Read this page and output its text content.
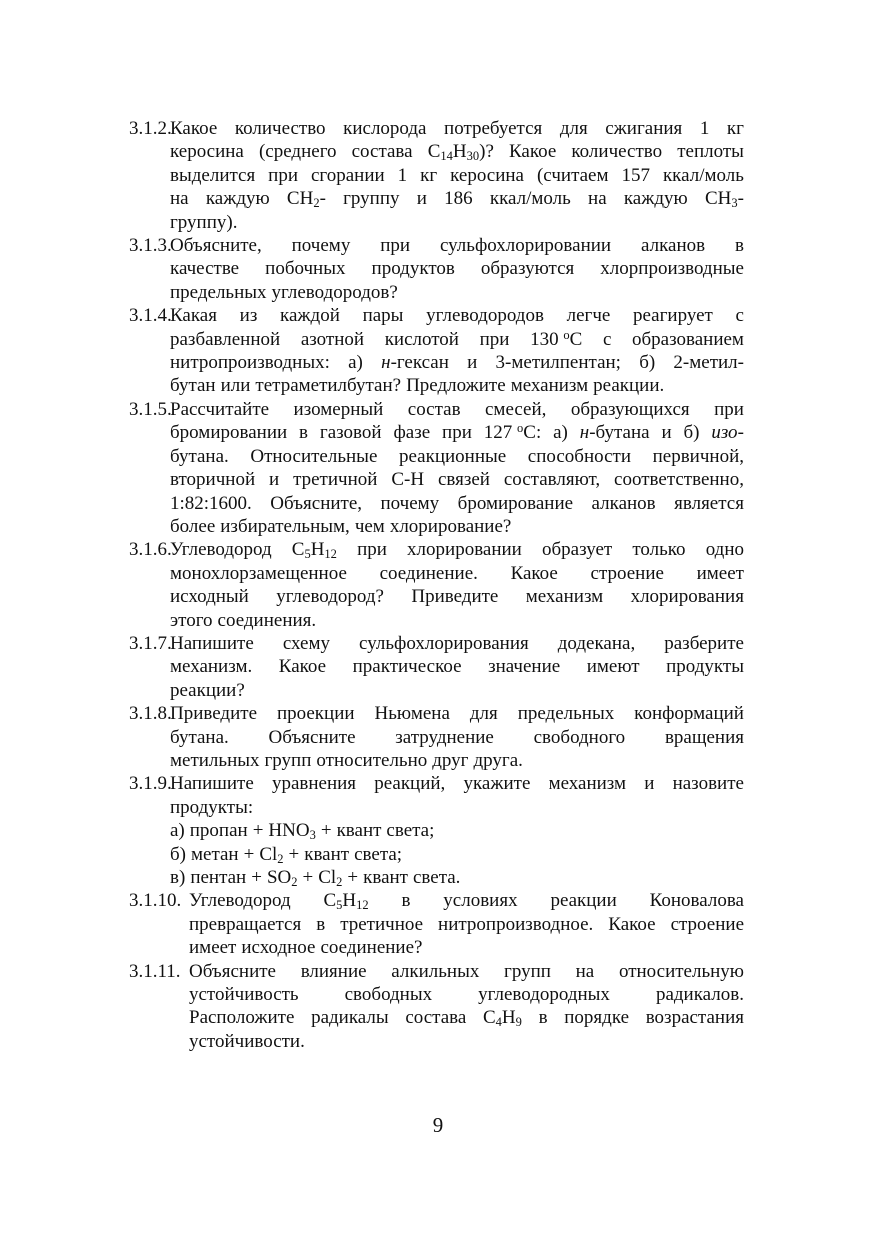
3.1.2.
Какое количество кислорода потребуется для сжигания 1 кг
керосина (среднего состава $C_{14}H_{30}$)? Какое количество теплоты
выделится при сгорании 1 кг керосина (считаем 157 ккал/моль
на каждую $CH_2-$ группу и 186 ккал/моль на каждую $CH_3-$
группу).
3.1.3.
Объясните, почему при сульфохлорировании алканов в
качестве побочных продуктов образуются хлорпроизводные
предельных углеводородов?
3.1.4.
Какая из каждой пары углеводородов легче реагирует с
разбавленной азотной кислотой при 130 $^o$C с образованием
нитропроизводных: а) н-гексан и 3-метилпентан; б) 2-метил-
бутан или тетраметилбутан? Предложите механизм реакции.
3.1.5.
Рассчитайте изомерный состав смесей, образующихся при
бромировании в газовой фазе при 127 $^o$C: а) н-бутана и б) изо-
бутана. Относительные реакционные способности первичной,
вторичной и третичной С-Н связей составляют, соответственно,
1:82:1600. Объясните, почему бромирование алканов является
более избирательным, чем хлорирование?
3.1.6.
Углеводород $C_5H_{12}$ при хлорировании образует только одно
монохлорзамещенное соединение. Какое строение имеет
исходный углеводород? Приведите механизм хлорирования
этого соединения.
3.1.7.
Напишите схему сульфохлорирования додекана, разберите
механизм. Какое практическое значение имеют продукты
реакции?
3.1.8.
Приведите проекции Ньюмена для предельных конформаций
бутана. Объясните затруднение свободного вращения
метильных групп относительно друг друга.
3.1.9.
Напишите уравнения реакций, укажите механизм и назовите
продукты:
а) пропан + $HNO_3$ + квант света;
б) метан + $Cl_2$ + квант света;
в) пентан + $SO_2 + Cl_2$ + квант света.
3.1.10. Углеводород $C_5H_{12}$ в условиях реакции Коновалова
превращается в третичное нитропроизводное. Какое строение
имеет исходное соединение?
3.1.11. Объясните влияние алкильных групп на относительную
устойчивость свободных углеводородных радикалов.
Расположите радикалы состава $C_4H_9$ в порядке возрастания
устойчивости.
9
